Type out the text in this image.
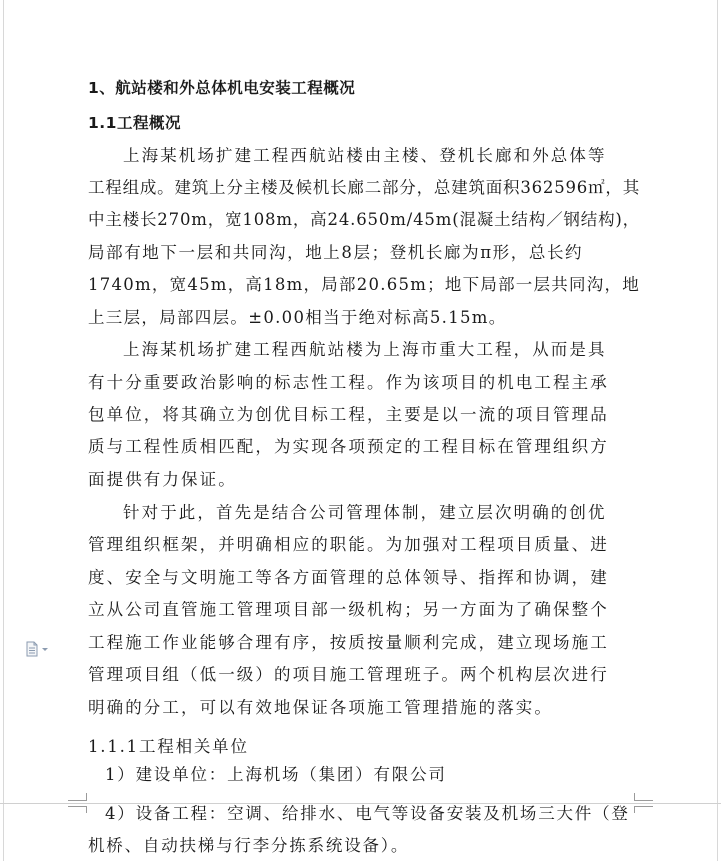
1、航站楼和外总体机电安装工程概况
1.1工程概况
上海某机场扩建工程西航站楼由主楼、登机长廊和外总体等
工程组成。建筑上分主楼及候机长廊二部分，总建筑面积362596㎡，其
中主楼长270m，宽108m，高24.650m/45m(混凝土结构／钢结构)，
局部有地下一层和共同沟，地上8层；登机长廊为π形，总长约
1740m，宽45m，高18m，局部20.65m；地下局部一层共同沟，地
上三层，局部四层。±0.00相当于绝对标高5.15m。
上海某机场扩建工程西航站楼为上海市重大工程，从而是具
有十分重要政治影响的标志性工程。作为该项目的机电工程主承
包单位，将其确立为创优目标工程，主要是以一流的项目管理品
质与工程性质相匹配，为实现各项预定的工程目标在管理组织方
面提供有力保证。
针对于此，首先是结合公司管理体制，建立层次明确的创优
管理组织框架，并明确相应的职能。为加强对工程项目质量、进
度、安全与文明施工等各方面管理的总体领导、指挥和协调，建
立从公司直管施工管理项目部一级机构；另一方面为了确保整个
工程施工作业能够合理有序，按质按量顺利完成，建立现场施工
管理项目组（低一级）的项目施工管理班子。两个机构层次进行
明确的分工，可以有效地保证各项施工管理措施的落实。
1.1.1工程相关单位
1）建设单位：上海机场（集团）有限公司
4）设备工程：空调、给排水、电气等设备安装及机场三大件（登
机桥、自动扶梯与行李分拣系统设备）。
